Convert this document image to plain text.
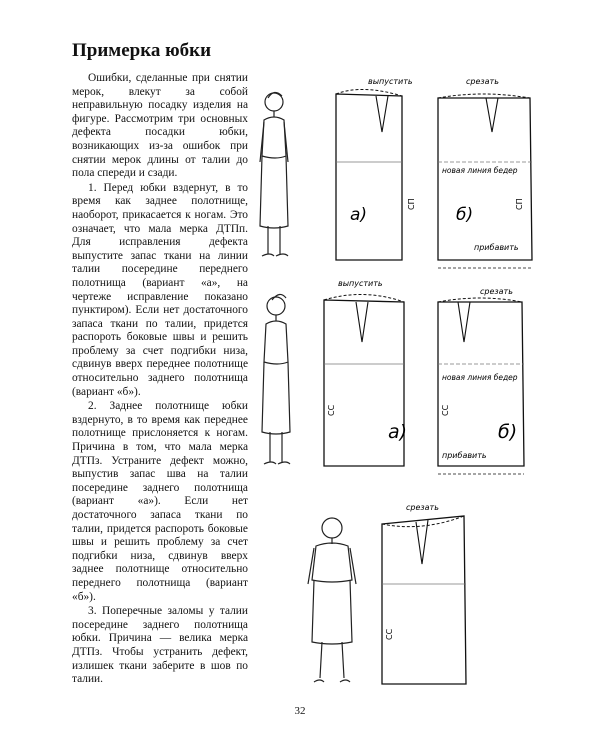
Примерка юбки

Ошибки, сделанные при снятии мерок, влекут за собой неправильную посадку изделия на фигуре. Рассмотрим три основных дефекта посадки юбки, возникающих из-за ошибок при снятии мерок длины от талии до пола спереди и сзади.

1. Перед юбки вздернут, в то время как заднее полотнище, наоборот, прикасается к ногам. Это означает, что мала мерка ДТПп. Для исправления дефекта выпустите запас ткани на линии талии посередине переднего полотнища (вариант «а», на чертеже исправление показано пунктиром). Если нет достаточного запаса ткани по талии, придется распороть боковые швы и решить проблему за счет подгибки низа, сдвинув вверх переднее полотнище относительно заднего полотнища (вариант «б»).

2. Заднее полотнище юбки вздернуто, в то время как переднее полотнище прислоняется к ногам. Причина в том, что мала мерка ДТПз. Устраните дефект можно, выпустив запас шва на талии посередине заднего полотнища (вариант «а»). Если нет достаточного запаса ткани по талии, придется распороть боковые швы и решить проблему за счет подгибки низа, сдвинув вверх заднее полотнище относительно переднего полотнища (вариант «б»).

3. Поперечные заломы у талии посередине заднего полотнища юбки. Причина — велика мерка ДТПз. Чтобы устранить дефект, излишек ткани заберите в шов по талии.

а)
СП
выпустить
б)
СП
срезать
новая линия бедер
прибавить
а)
СС
выпустить
б)
СС
срезать
новая линия бедер
прибавить
СС
срезать
32
